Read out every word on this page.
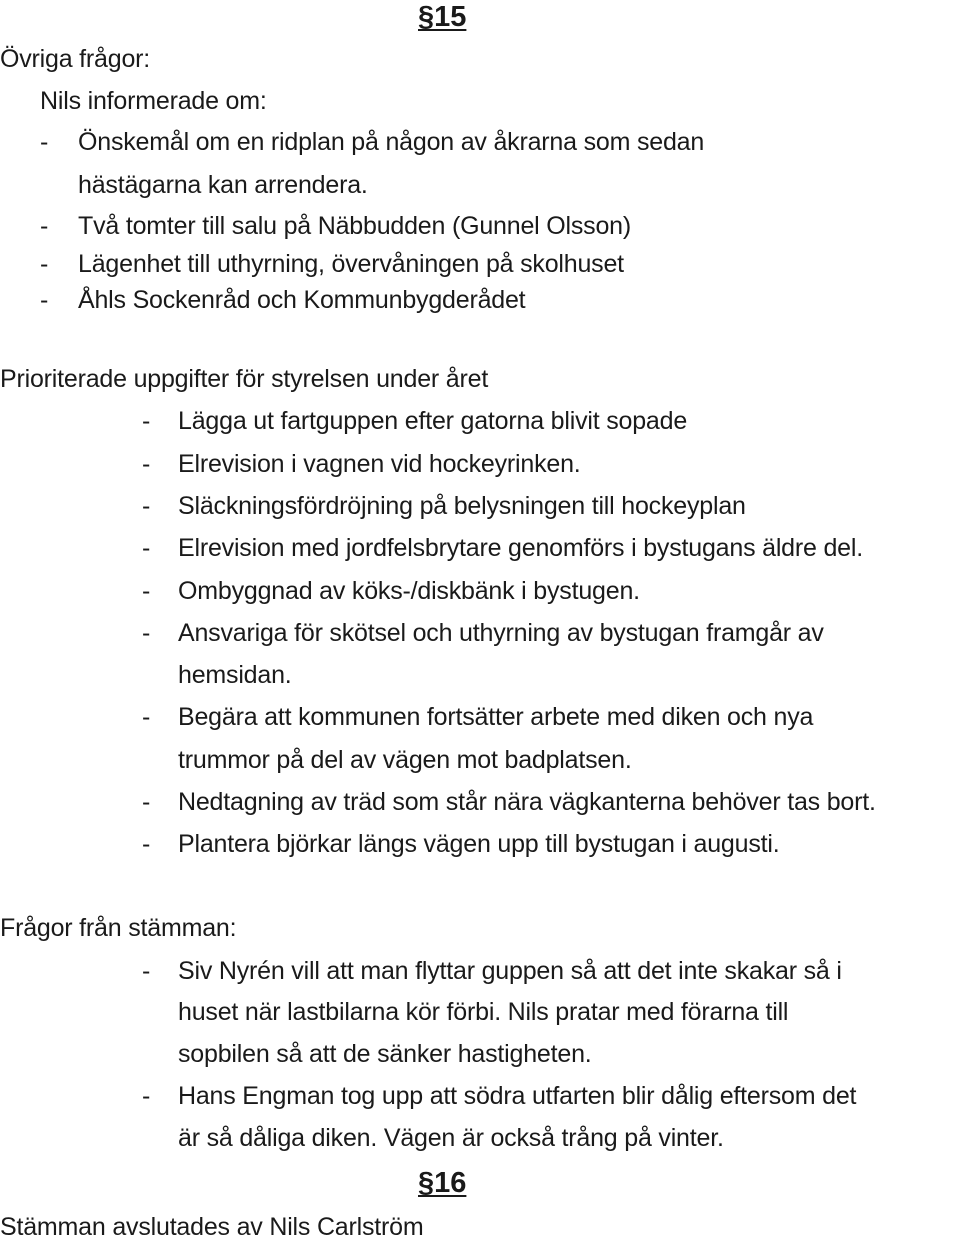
§15
Övriga frågor:
Nils informerade om:
- Önskemål om en ridplan på någon av åkrarna som sedan
hästägarna kan arrendera.
- Två tomter till salu på Näbbudden (Gunnel Olsson)
- Lägenhet till uthyrning, övervåningen på skolhuset
- Åhls Sockenråd och Kommunbygderådet
Prioriterade uppgifter för styrelsen under året
- Lägga ut fartguppen efter gatorna blivit sopade
- Elrevision i vagnen vid hockeyrinken.
- Släckningsfördröjning på belysningen till hockeyplan
- Elrevision med jordfelsbrytare genomförs i bystugans äldre del.
- Ombyggnad av köks-/diskbänk i bystugen.
- Ansvariga för skötsel och uthyrning av bystugan framgår av
hemsidan.
- Begära att kommunen fortsätter arbete med diken och nya
trummor på del av vägen mot badplatsen.
- Nedtagning av träd som står nära vägkanterna behöver tas bort.
- Plantera björkar längs vägen upp till bystugan i augusti.
Frågor från stämman:
- Siv Nyrén vill att man flyttar guppen så att det inte skakar så i
huset när lastbilarna kör förbi. Nils pratar med förarna till
sopbilen så att de sänker hastigheten.
- Hans Engman tog upp att södra utfarten blir dålig eftersom det
är så dåliga diken. Vägen är också trång på vinter.
§16
Stämman avslutades av Nils Carlström
